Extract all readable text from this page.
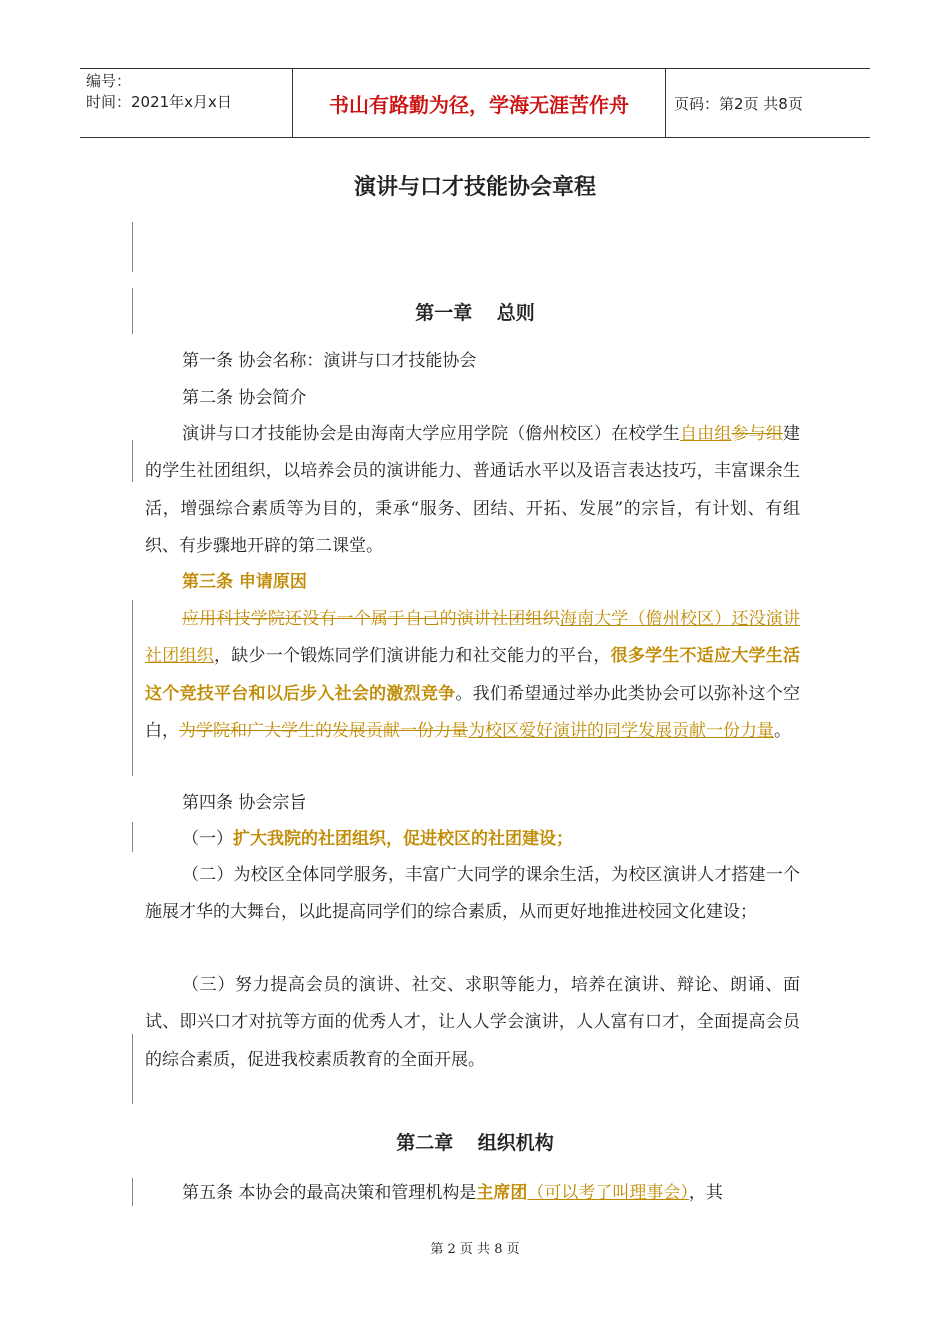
编号：
时间：2021年x月x日	书山有路勤为径，学海无涯苦作舟	页码：第2页 共8页
演讲与口才技能协会章程
第一章 总则

第一条 协会名称：演讲与口才技能协会

第二条 协会简介

演讲与口才技能协会是由海南大学应用学院（儋州校区）在校学生自由组参与组建的学生社团组织，以培养会员的演讲能力、普通话水平以及语言表达技巧，丰富课余生活，增强综合素质等为目的，秉承“服务、团结、开拓、发展”的宗旨，有计划、有组织、有步骤地开辟的第二课堂。

第三条 申请原因

应用科技学院还没有一个属于自己的演讲社团组织海南大学（儋州校区）还没演讲社团组织，缺少一个锻炼同学们演讲能力和社交能力的平台，很多学生不适应大学生活这个竞技平台和以后步入社会的激烈竞争。我们希望通过举办此类协会可以弥补这个空白，为学院和广大学生的发展贡献一份力量为校区爱好演讲的同学发展贡献一份力量。

第四条 协会宗旨

（一）扩大我院的社团组织，促进校区的社团建设；

（二）为校区全体同学服务，丰富广大同学的课余生活，为校区演讲人才搭建一个施展才华的大舞台，以此提高同学们的综合素质，从而更好地推进校园文化建设；

（三）努力提高会员的演讲、社交、求职等能力，培养在演讲、辩论、朗诵、面试、即兴口才对抗等方面的优秀人才，让人人学会演讲，人人富有口才，全面提高会员的综合素质，促进我校素质教育的全面开展。

第二章 组织机构

第五条 本协会的最高决策和管理机构是主席团（可以考了叫理事会），其

第 2 页 共 8 页
